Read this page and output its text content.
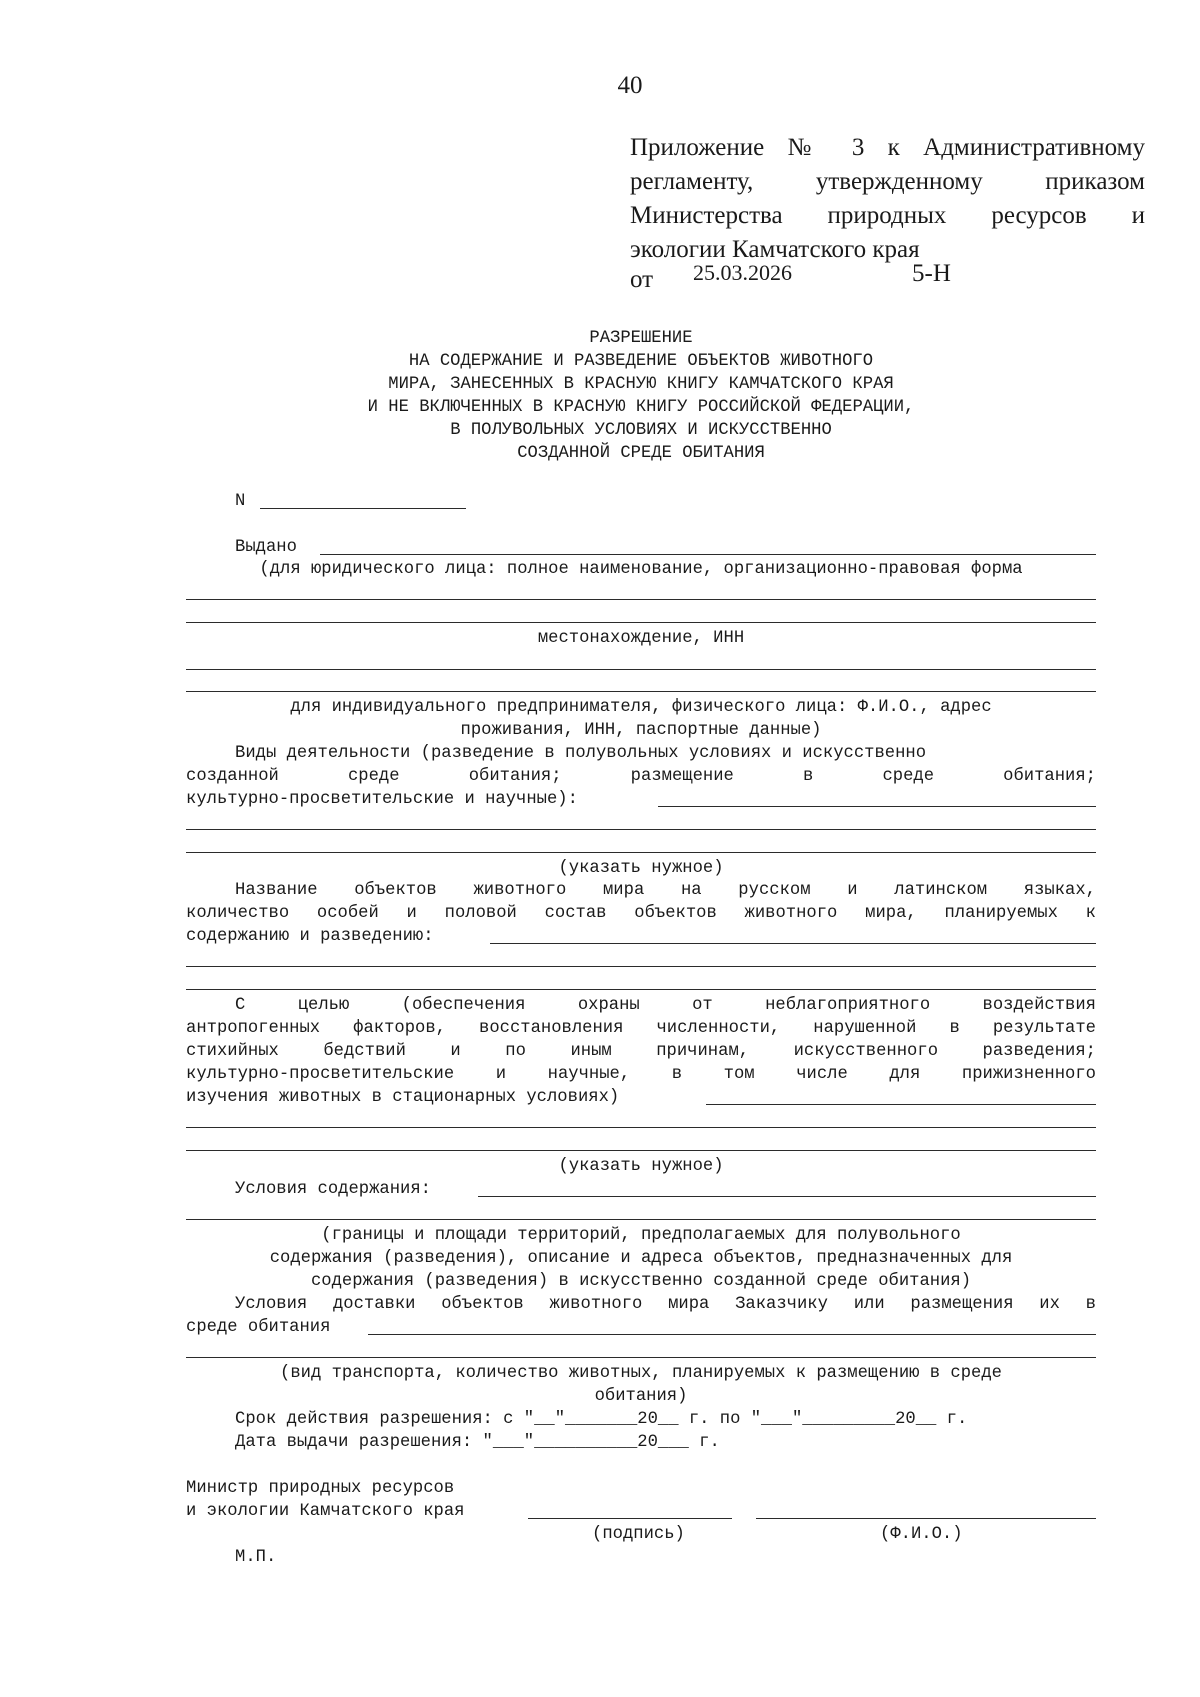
40
Приложение № 3 к Административному
регламенту, утвержденному приказом
Министерства природных ресурсов и
экологии Камчатского края
от 25.03.2026	5-Н
РАЗРЕШЕНИЕ
НА СОДЕРЖАНИЕ И РАЗВЕДЕНИЕ ОБЪЕКТОВ ЖИВОТНОГО
МИРА, ЗАНЕСЕННЫХ В КРАСНУЮ КНИГУ КАМЧАТСКОГО КРАЯ
И НЕ ВКЛЮЧЕННЫХ В КРАСНУЮ КНИГУ РОССИЙСКОЙ ФЕДЕРАЦИИ,
В ПОЛУВОЛЬНЫХ УСЛОВИЯХ И ИСКУССТВЕННО
СОЗДАННОЙ СРЕДЕ ОБИТАНИЯ
N
Выдано
(для юридического лица: полное наименование, организационно-правовая форма
местонахождение, ИНН
для индивидуального предпринимателя, физического лица: Ф.И.О., адрес
проживания, ИНН, паспортные данные)
Виды деятельности (разведение в полувольных условиях и искусственно
созданной среде обитания; размещение в среде обитания;
культурно-просветительские и научные):
(указать нужное)
Название объектов животного мира на русском и латинском языках,
количество особей и половой состав объектов животного мира, планируемых к
содержанию и разведению:
С целью (обеспечения охраны от неблагоприятного воздействия
антропогенных факторов, восстановления численности, нарушенной в результате
стихийных бедствий и по иным причинам, искусственного разведения;
культурно-просветительские и научные, в том числе для прижизненного
изучения животных в стационарных условиях)
(указать нужное)
Условия содержания:
(границы и площади территорий, предполагаемых для полувольного
содержания (разведения), описание и адреса объектов, предназначенных для
содержания (разведения) в искусственно созданной среде обитания)
Условия доставки объектов животного мира Заказчику или размещения их в
среде обитания
(вид транспорта, количество животных, планируемых к размещению в среде
обитания)
Срок действия разрешения: с "__"_______20__ г. по "___"_________20__ г.
Дата выдачи разрешения: "___"__________20___ г.
Министр природных ресурсов
и экологии Камчатского края
(подпись)	(Ф.И.О.)
М.П.
